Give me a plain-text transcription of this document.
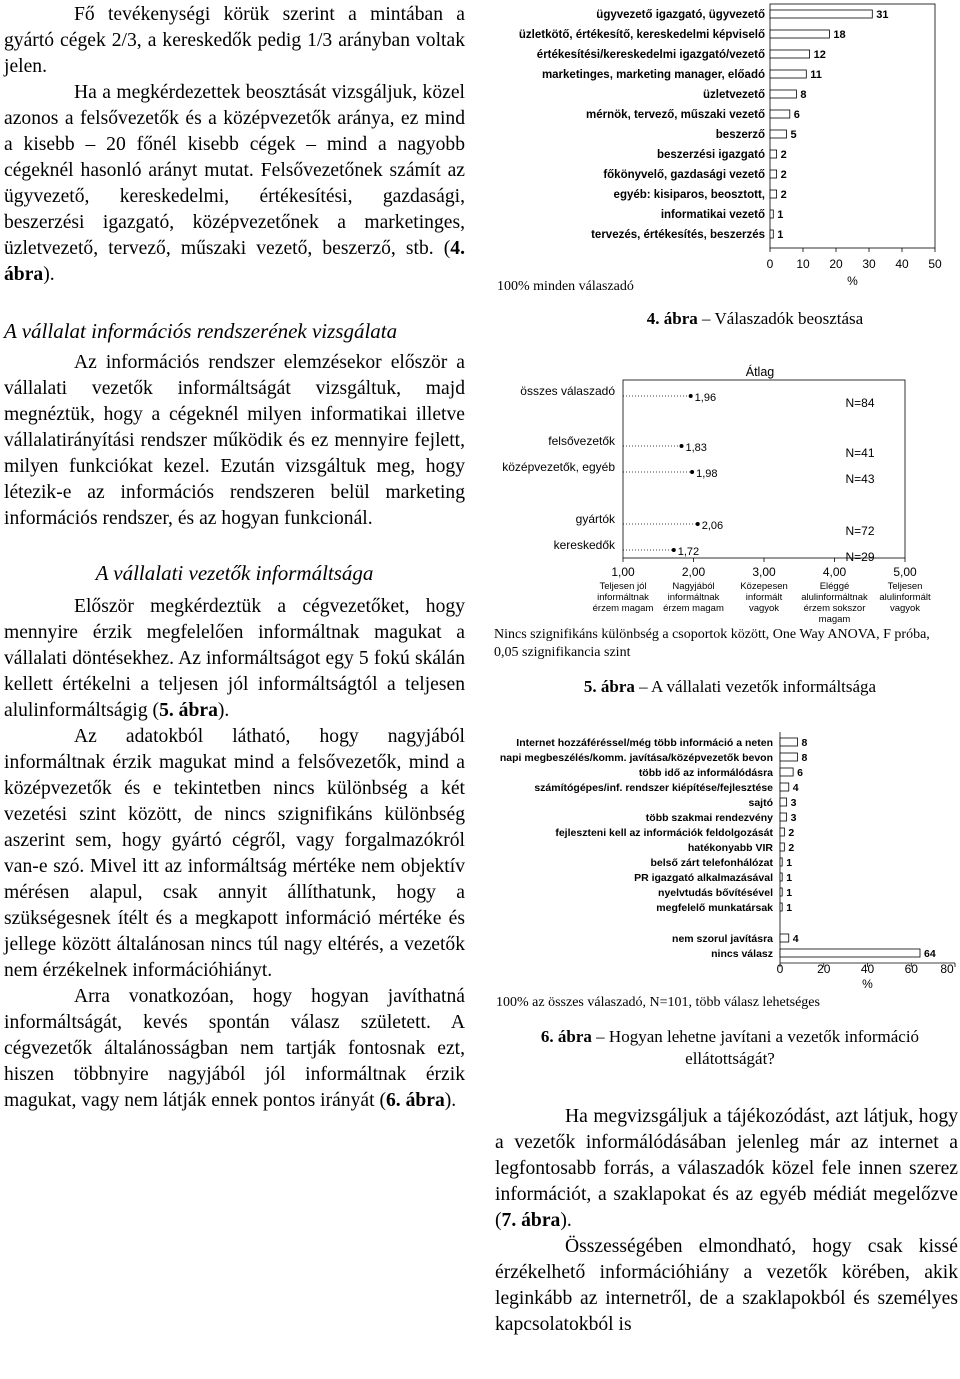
Fő tevékenységi körük szerint a mintában a gyártó cégek 2/3, a kereskedők pedig 1/3 arányban voltak jelen.

Ha a megkérdezettek beosztását vizsgáljuk, közel azonos a felsővezetők és a középvezetők aránya, ez mind a kisebb – 20 főnél kisebb cégek – mind a nagyobb cégeknél hasonló arányt mutat. Felsővezetőnek számít az ügyvezető, kereskedelmi, értékesítési, gazdasági, beszerzési igazgató, középvezetőnek a marketinges, üzletvezető, tervező, műszaki vezető, beszerző, stb. (4. ábra).

A vállalat információs rendszerének vizsgálata

Az információs rendszer elemzésekor először a vállalati vezetők informáltságát vizsgáltuk, majd megnéztük, hogy a cégeknél milyen informatikai illetve vállalatirányítási rendszer működik és ez mennyire fejlett, milyen funkciókat kezel. Ezután vizsgáltuk meg, hogy létezik-e az információs rendszeren belül marketing információs rendszer, és az hogyan funkcionál.

A vállalati vezetők informáltsága

Először megkérdeztük a cégvezetőket, hogy mennyire érzik megfelelően informáltnak magukat a vállalati döntésekhez. Az informáltságot egy 5 fokú skálán kellett értékelni a teljesen jól informáltságtól a teljesen alulinformáltságig (5. ábra).

Az adatokból látható, hogy nagyjából informáltnak érzik magukat mind a felsővezetők, mind a középvezetők és e tekintetben nincs különbség a két vezetési szint között, de nincs szignifikáns különbség aszerint sem, hogy gyártó cégről, vagy forgalmazókról van-e szó. Mivel itt az informáltság mértéke nem objektív mérésen alapul, csak annyit állíthatunk, hogy a szükségesnek ítélt és a megkapott információ mértéke és jellege között általánosan nincs túl nagy eltérés, a vezetők nem érzékelnek információhiányt.

Arra vonatkozóan, hogy hogyan javíthatná informáltságát, kevés spontán válasz született. A cégvezetők általánosságban nem tartják fontosnak ezt, hiszen többnyire nagyjából jól informáltnak érzik magukat, vagy nem látják ennek pontos irányát (6. ábra).

ügyvezető igazgató, ügyvezető	31
üzletkötő, értékesítő, kereskedelmi képviselő	18
értékesítési/kereskedelmi igazgató/vezető	12
marketinges, marketing manager, előadó	11
üzletvezető	8
mérnök, tervező, műszaki vezető	6
beszerző 5
beszerzési igazgató 2
főkönyvelő, gazdasági vezető 2
egyéb: kisiparos, beosztott, 2
informatikai vezető 1
tervezés, értékesítés, beszerzés 1
0 10 20 30 40 50
%
100% minden válaszadó
4. ábra – Válaszadók beosztása
Átlag
összes válaszadó	1,96	N=84
felsővezetők	1,83	N=41
középvezetők, egyéb	1,98	N=43
gyártók	2,06	N=72
kereskedők	1,72	N=29
1,00
Teljesen jól
informáltnak
érzem magam
2,00
Nagyjából
informáltnak
érzem magam
3,00
Közepesen
informált
vagyok
4,00
Eléggé
alulinformáltnak
érzem sokszor
magam
5,00
Teljesen
alulinformált
vagyok
Nincs szignifikáns különbség a csoportok között, One Way ANOVA, F próba, 0,05 szignifikancia szint
5. ábra – A vállalati vezetők informáltsága
Internet hozzáféréssel/még több információ a neten	8
napi megbeszélés/komm. javítása/középvezetők bevon	8
több idő az informálódásra 6
számítógépes/inf. rendszer kiépítése/fejlesztése 4
sajtó 3
több szakmai rendezvény 3
fejleszteni kell az információk feldolgozását 2
hatékonyabb VIR 2
belső zárt telefonhálózat 1
PR igazgató alkalmazásával 1
nyelvtudás bővítésével 1
megfelelő munkatársak 1
nem szorul javításra 4
nincs válasz	64
0	20	40	60 80
%
100% az összes válaszadó, N=101, több válasz lehetséges
6. ábra – Hogyan lehetne javítani a vezetők információ ellátottságát?

Ha megvizsgáljuk a tájékozódást, azt látjuk, hogy a vezetők informálódásában jelenleg már az internet a legfontosabb forrás, a válaszadók közel fele innen szerez információt, a szaklapokat és az egyéb médiát megelőzve (7. ábra).

Összességében elmondható, hogy csak kissé érzékelhető információhiány a vezetők körében, akik leginkább az internetről, de a szaklapokból és személyes kapcsolatokból is
